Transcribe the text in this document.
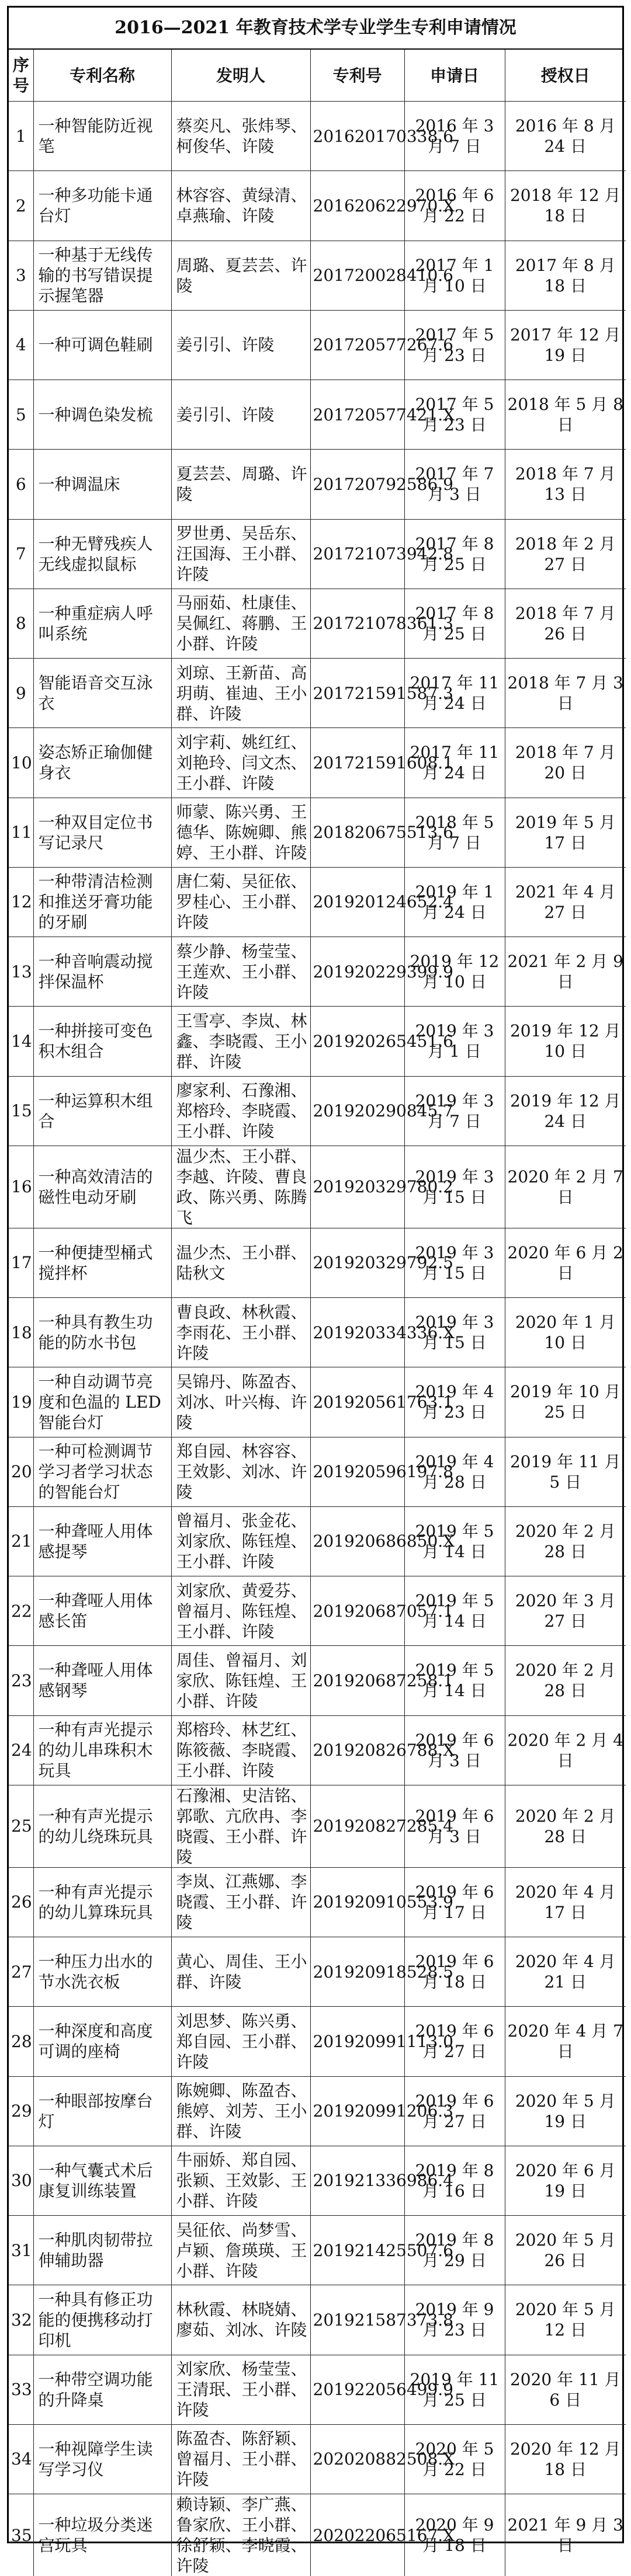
2016—2021 年教育技术学专业学生专利申请情况
序号	专利名称	发明人	专利号	申请日	授权日
1	一种智能防近视笔	蔡奕凡、张炜琴、柯俊华、许陵	201620170338.6	2016 年 3 月 7 日	2016 年 8 月 24 日
2	一种多功能卡通台灯	林容容、黄绿清、卓燕瑜、许陵	201620622970.X	2016 年 6 月 22 日	2018 年 12 月 18 日
3	一种基于无线传输的书写错误提示握笔器	周璐、夏芸芸、许陵	201720028410.6	2017 年 1 月 10 日	2017 年 8 月 18 日
4	一种可调色鞋刷	姜引引、许陵	201720577267.6	2017 年 5 月 23 日	2017 年 12 月 19 日
5	一种调色染发梳	姜引引、许陵	201720577421.X	2017 年 5 月 23 日	2018 年 5 月 8 日
6	一种调温床	夏芸芸、周璐、许陵	201720792586.9	2017 年 7 月 3 日	2018 年 7 月 13 日
7	一种无臂残疾人无线虚拟鼠标	罗世勇、吴岳东、汪国海、王小群、许陵	201721073942.8	2017 年 8 月 25 日	2018 年 2 月 27 日
8	一种重症病人呼叫系统	马丽茹、杜康佳、吴佩红、蒋鹏、王小群、许陵	201721078361.3	2017 年 8 月 25 日	2018 年 7 月 26 日
9	智能语音交互泳衣	刘琼、王新苗、高玥萌、崔迪、王小群、许陵	201721591587.3	2017 年 11 月 24 日	2018 年 7 月 3 日
10	姿态矫正瑜伽健身衣	刘宇莉、姚红红、刘艳玲、闫文杰、王小群、许陵	201721591608.1	2017 年 11 月 24 日	2018 年 7 月 20 日
11	一种双目定位书写记录尺	师蒙、陈兴勇、王德华、陈婉卿、熊婷、王小群、许陵	201820675513.6	2018 年 5 月 7 日	2019 年 5 月 17 日
12	一种带清洁检测和推送牙膏功能的牙刷	唐仁菊、吴征依、罗桂心、王小群、许陵	201920124652.4	2019 年 1 月 24 日	2021 年 4 月 27 日
13	一种音响震动搅拌保温杯	蔡少静、杨莹莹、王莲欢、王小群、许陵	201920229399.9	2019 年 12 月 10 日	2021 年 2 月 9 日
14	一种拼接可变色积木组合	王雪亭、李岚、林鑫、李晓霞、王小群、许陵	201920265451.6	2019 年 3 月 1 日	2019 年 12 月 10 日
15	一种运算积木组合	廖家利、石豫湘、郑榕玲、李晓霞、王小群、许陵	201920290845.7	2019 年 3 月 7 日	2019 年 12 月 24 日
16	一种高效清洁的磁性电动牙刷	温少杰、王小群、李越、许陵、曹良政、陈兴勇、陈腾飞	201920329780.2	2019 年 3 月 15 日	2020 年 2 月 7 日
17	一种便捷型桶式搅拌杯	温少杰、王小群、陆秋文	201920329792.5	2019 年 3 月 15 日	2020 年 6 月 2 日
18	一种具有教生功能的防水书包	曹良政、林秋霞、李雨花、王小群、许陵	201920334336.X	2019 年 3 月 15 日	2020 年 1 月 10 日
19	一种自动调节亮度和色温的 LED 智能台灯	吴锦丹、陈盈杏、刘冰、叶兴梅、许陵	201920561763.1	2019 年 4 月 23 日	2019 年 10 月 25 日
20	一种可检测调节学习者学习状态的智能台灯	郑自园、林容容、王效影、刘冰、许陵	201920596197.8	2019 年 4 月 28 日	2019 年 11 月 5 日
21	一种聋哑人用体感提琴	曾福月、张金花、刘家欣、陈钰煌、王小群、许陵	201920686850.X	2019 年 5 月 14 日	2020 年 2 月 28 日
22	一种聋哑人用体感长笛	刘家欣、黄爱芬、曾福月、陈钰煌、王小群、许陵	201920687057.1	2019 年 5 月 14 日	2020 年 3 月 27 日
23	一种聋哑人用体感钢琴	周佳、曾福月、刘家欣、陈钰煌、王小群、许陵	201920687258.1	2019 年 5 月 14 日	2020 年 2 月 28 日
24	一种有声光提示的幼儿串珠积木玩具	郑榕玲、林艺红、陈筱薇、李晓霞、王小群、许陵	201920826788.X	2019 年 6 月 3 日	2020 年 2 月 4 日
25	一种有声光提示的幼儿绕珠玩具	石豫湘、史洁铭、郭歌、亢欣冉、李晓霞、王小群、许陵	201920827285.4	2019 年 6 月 3 日	2020 年 2 月 28 日
26	一种有声光提示的幼儿算珠玩具	李岚、江燕娜、李晓霞、王小群、许陵	201920910553.9	2019 年 6 月 17 日	2020 年 4 月 17 日
27	一种压力出水的节水洗衣板	黄心、周佳、王小群、许陵	201920918528.5	2019 年 6 月 18 日	2020 年 4 月 21 日
28	一种深度和高度可调的座椅	刘思梦、陈兴勇、郑自园、王小群、许陵	201920991113.0	2019 年 6 月 27 日	2020 年 4 月 7 日
29	一种眼部按摩台灯	陈婉卿、陈盈杏、熊婷、刘芳、王小群、许陵	201920991206.3	2019 年 6 月 27 日	2020 年 5 月 19 日
30	一种气囊式术后康复训练装置	牛丽娇、郑自园、张颖、王效影、王小群、许陵	201921336986.4	2019 年 8 月 16 日	2020 年 6 月 19 日
31	一种肌肉韧带拉伸辅助器	吴征依、尚梦雪、卢颖、詹瑛瑛、王小群、许陵	201921425507.6	2019 年 8 月 29 日	2020 年 5 月 26 日
32	一种具有修正功能的便携移动打印机	林秋霞、林晓婧、廖茹、刘冰、许陵	201921587373.8	2019 年 9 月 23 日	2020 年 5 月 12 日
33	一种带空调功能的升降桌	刘家欣、杨莹莹、王清珉、王小群、许陵	201922056499.9	2019 年 11 月 25 日	2020 年 11 月 6 日
34	一种视障学生读写学习仪	陈盈杏、陈舒颖、曾福月、王小群、许陵	202020882508.X	2020 年 5 月 22 日	2020 年 12 月 18 日
35	一种垃圾分类迷宫玩具	赖诗颖、李广燕、鲁家欣、王小群、徐舒颖、李晓霞、许陵	202022065167.X	2020 年 9 月 18 日	2021 年 9 月 3 日
